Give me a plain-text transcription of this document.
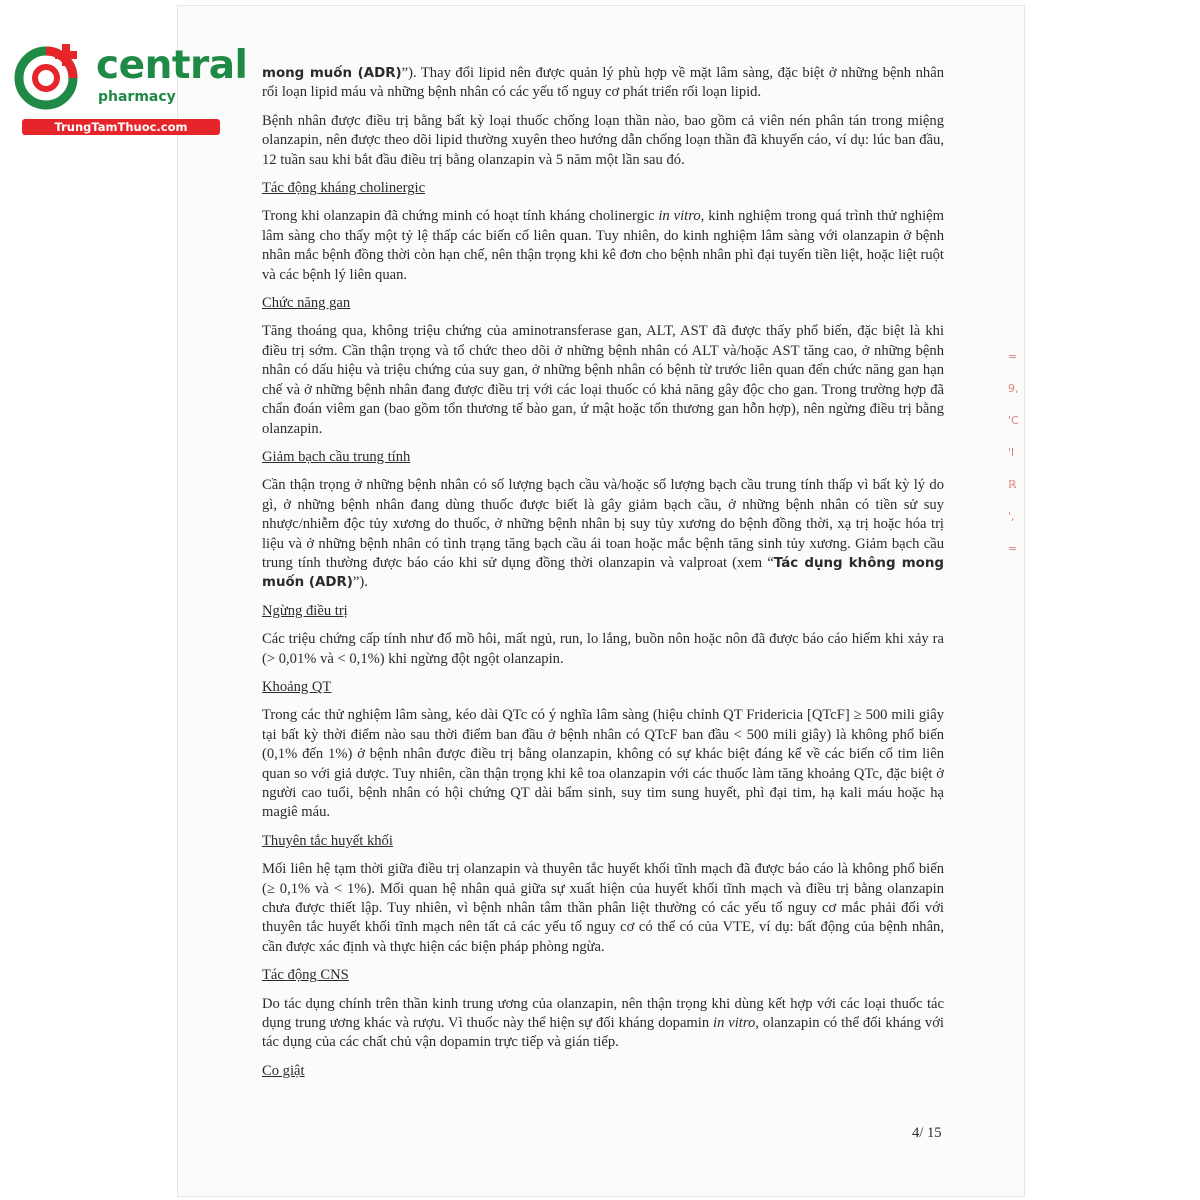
=
9,
'C
'l
ℝ
',
=
central
pharmacy
TrungTamThuoc.com

mong muốn (ADR)”). Thay đổi lipid nên được quản lý phù hợp về mặt lâm sàng, đặc biệt ở những bệnh nhân rối loạn lipid máu và những bệnh nhân có các yếu tố nguy cơ phát triển rối loạn lipid.

Bệnh nhân được điều trị bằng bất kỳ loại thuốc chống loạn thần nào, bao gồm cả viên nén phân tán trong miệng olanzapin, nên được theo dõi lipid thường xuyên theo hướng dẫn chống loạn thần đã khuyến cáo, ví dụ: lúc ban đầu, 12 tuần sau khi bắt đầu điều trị bằng olanzapin và 5 năm một lần sau đó.

Tác động kháng cholinergic

Trong khi olanzapin đã chứng minh có hoạt tính kháng cholinergic in vitro, kinh nghiệm trong quá trình thử nghiệm lâm sàng cho thấy một tỷ lệ thấp các biến cố liên quan. Tuy nhiên, do kinh nghiệm lâm sàng với olanzapin ở bệnh nhân mắc bệnh đồng thời còn hạn chế, nên thận trọng khi kê đơn cho bệnh nhân phì đại tuyến tiền liệt, hoặc liệt ruột và các bệnh lý liên quan.

Chức năng gan

Tăng thoáng qua, không triệu chứng của aminotransferase gan, ALT, AST đã được thấy phổ biến, đặc biệt là khi điều trị sớm. Cần thận trọng và tổ chức theo dõi ở những bệnh nhân có ALT và/hoặc AST tăng cao, ở những bệnh nhân có dấu hiệu và triệu chứng của suy gan, ở những bệnh nhân có bệnh từ trước liên quan đến chức năng gan hạn chế và ở những bệnh nhân đang được điều trị với các loại thuốc có khả năng gây độc cho gan. Trong trường hợp đã chẩn đoán viêm gan (bao gồm tổn thương tế bào gan, ứ mật hoặc tổn thương gan hỗn hợp), nên ngừng điều trị bằng olanzapin.

Giảm bạch cầu trung tính

Cần thận trọng ở những bệnh nhân có số lượng bạch cầu và/hoặc số lượng bạch cầu trung tính thấp vì bất kỳ lý do gì, ở những bệnh nhân đang dùng thuốc được biết là gây giảm bạch cầu, ở những bệnh nhân có tiền sử suy nhược/nhiễm độc tủy xương do thuốc, ở những bệnh nhân bị suy tủy xương do bệnh đồng thời, xạ trị hoặc hóa trị liệu và ở những bệnh nhân có tình trạng tăng bạch cầu ái toan hoặc mắc bệnh tăng sinh tủy xương. Giảm bạch cầu trung tính thường được báo cáo khi sử dụng đồng thời olanzapin và valproat (xem “Tác dụng không mong muốn (ADR)”).

Ngừng điều trị

Các triệu chứng cấp tính như đổ mồ hôi, mất ngủ, run, lo lắng, buồn nôn hoặc nôn đã được báo cáo hiếm khi xảy ra (> 0,01% và < 0,1%) khi ngừng đột ngột olanzapin.

Khoảng QT

Trong các thử nghiệm lâm sàng, kéo dài QTc có ý nghĩa lâm sàng (hiệu chỉnh QT Fridericia [QTcF] ≥ 500 mili giây tại bất kỳ thời điểm nào sau thời điểm ban đầu ở bệnh nhân có QTcF ban đầu < 500 mili giây) là không phổ biến (0,1% đến 1%) ở bệnh nhân được điều trị bằng olanzapin, không có sự khác biệt đáng kể về các biến cố tim liên quan so với giả dược. Tuy nhiên, cần thận trọng khi kê toa olanzapin với các thuốc làm tăng khoảng QTc, đặc biệt ở người cao tuổi, bệnh nhân có hội chứng QT dài bẩm sinh, suy tim sung huyết, phì đại tim, hạ kali máu hoặc hạ magiê máu.

Thuyên tắc huyết khối

Mối liên hệ tạm thời giữa điều trị olanzapin và thuyên tắc huyết khối tĩnh mạch đã được báo cáo là không phổ biến (≥ 0,1% và < 1%). Mối quan hệ nhân quả giữa sự xuất hiện của huyết khối tĩnh mạch và điều trị bằng olanzapin chưa được thiết lập. Tuy nhiên, vì bệnh nhân tâm thần phân liệt thường có các yếu tố nguy cơ mắc phải đối với thuyên tắc huyết khối tĩnh mạch nên tất cả các yếu tố nguy cơ có thể có của VTE, ví dụ: bất động của bệnh nhân, cần được xác định và thực hiện các biện pháp phòng ngừa.

Tác động CNS

Do tác dụng chính trên thần kinh trung ương của olanzapin, nên thận trọng khi dùng kết hợp với các loại thuốc tác dụng trung ương khác và rượu. Vì thuốc này thể hiện sự đối kháng dopamin in vitro, olanzapin có thể đối kháng với tác dụng của các chất chủ vận dopamin trực tiếp và gián tiếp.

Co giật
4/ 15
